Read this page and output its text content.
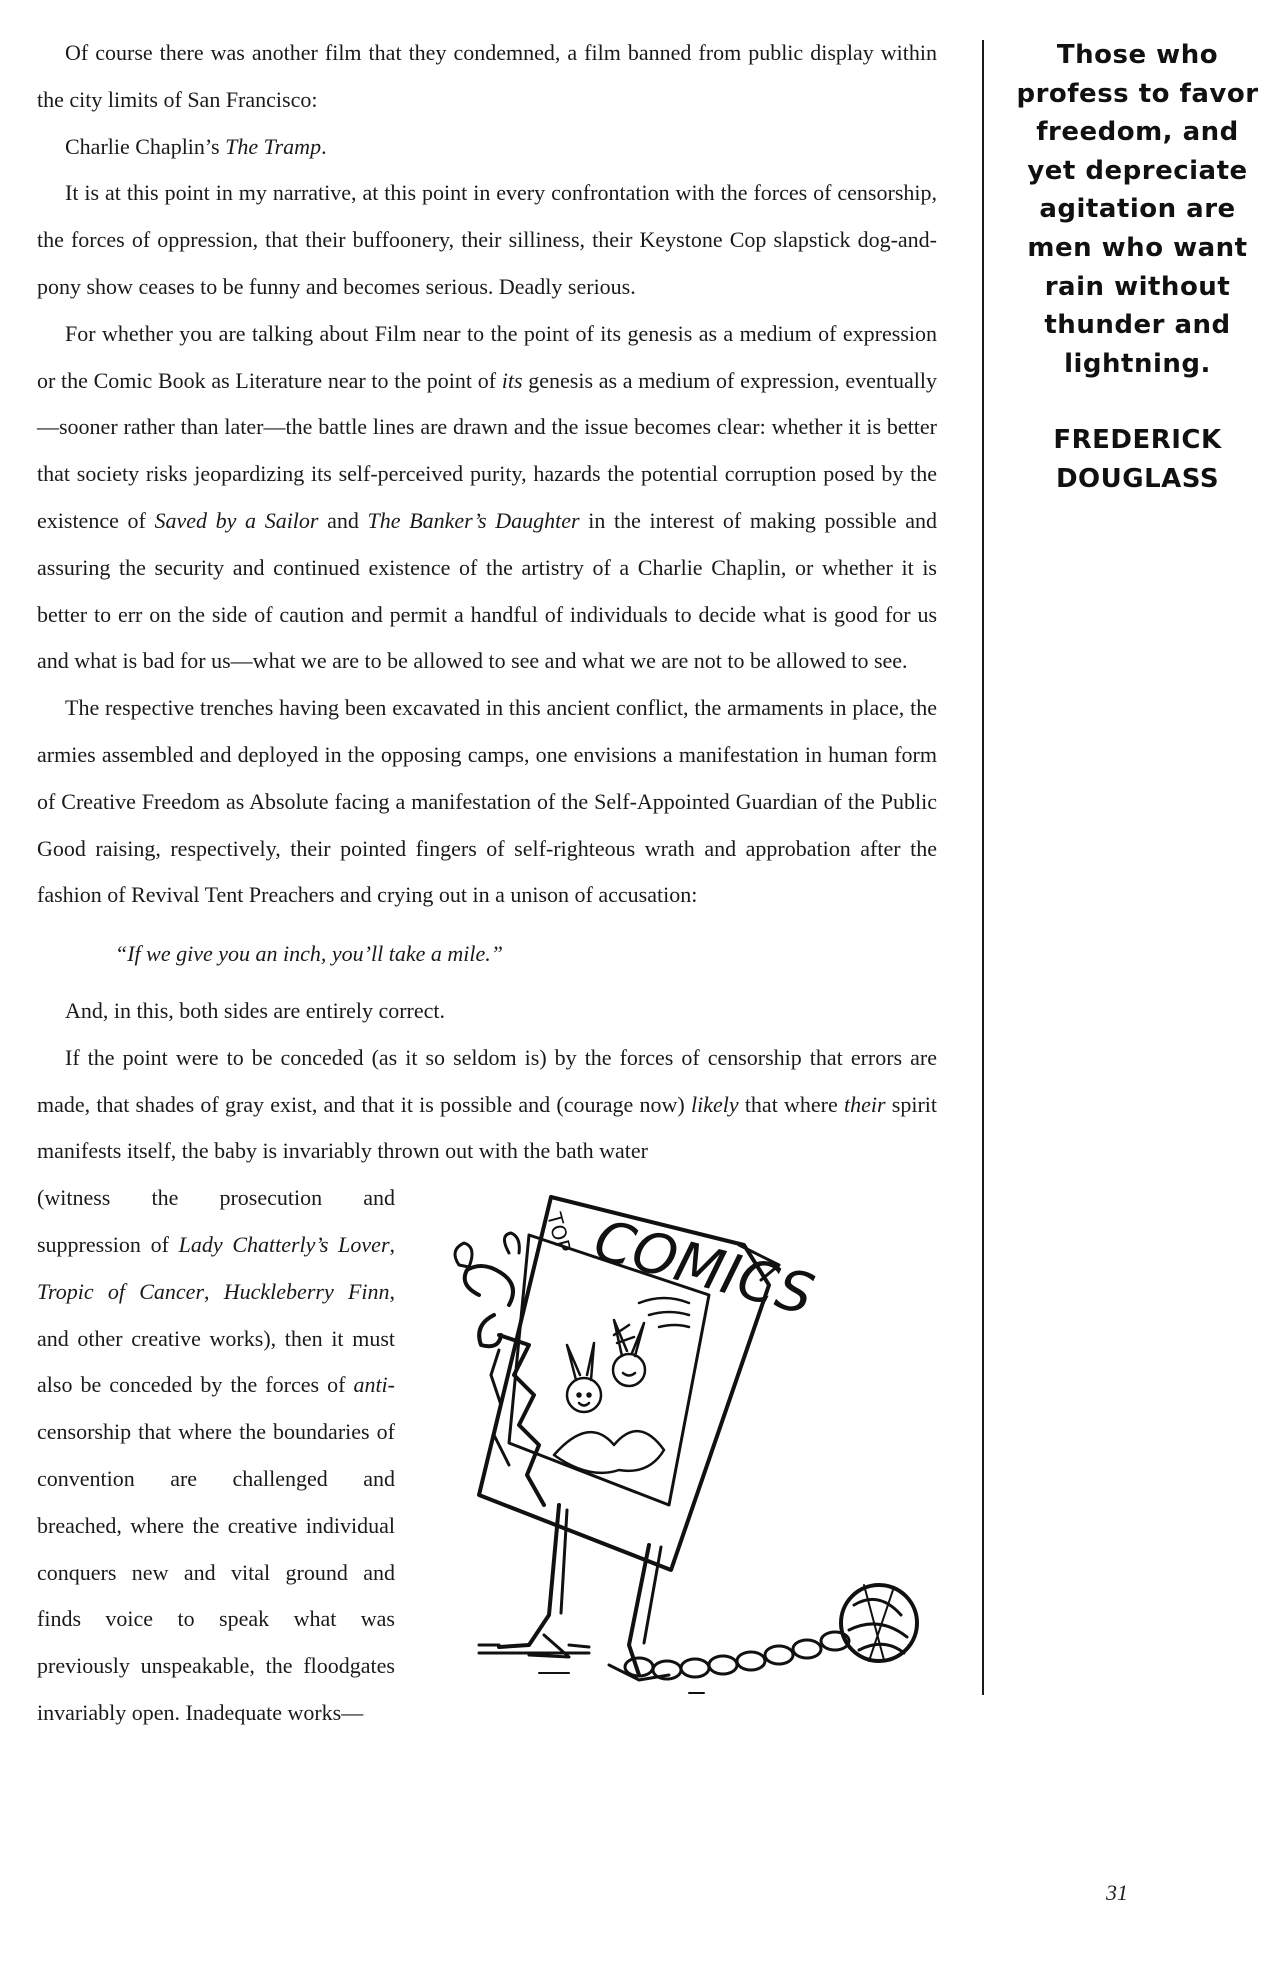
Of course there was another film that they condemned, a film banned from public display within the city limits of San Francisco:

Charlie Chaplin’s The Tramp.

It is at this point in my narrative, at this point in every confrontation with the forces of censorship, the forces of oppression, that their buffoonery, their silliness, their Keystone Cop slapstick dog-and-pony show ceases to be funny and becomes serious. Deadly serious.

For whether you are talking about Film near to the point of its genesis as a medium of expression or the Comic Book as Literature near to the point of its genesis as a medium of expression, eventually—sooner rather than later—the battle lines are drawn and the issue becomes clear: whether it is better that society risks jeopardizing its self-perceived purity, hazards the potential corruption posed by the existence of Saved by a Sailor and The Banker’s Daughter in the interest of making possible and assuring the security and continued existence of the artistry of a Charlie Chaplin, or whether it is better to err on the side of caution and permit a handful of individuals to decide what is good for us and what is bad for us—what we are to be allowed to see and what we are not to be allowed to see.

The respective trenches having been excavated in this ancient conflict, the armaments in place, the armies assembled and deployed in the opposing camps, one envisions a manifestation in human form of Creative Freedom as Absolute facing a manifestation of the Self-Appointed Guardian of the Public Good raising, respectively, their pointed fingers of self-righteous wrath and approbation after the fashion of Revival Tent Preachers and crying out in a unison of accusation:

“If we give you an inch, you’ll take a mile.”

And, in this, both sides are entirely correct.

If the point were to be conceded (as it so seldom is) by the forces of censorship that errors are made, that shades of gray exist, and that it is possible and (courage now) likely that where their spirit manifests itself, the baby is invariably thrown out with the bath water

(witness the prosecution and suppression of Lady Chatterly’s Lover, Tropic of Cancer, Huckleberry Finn, and other creative works), then it must also be conceded by the forces of anti-censorship that where the boundaries of convention are challenged and breached, where the creative individual conquers new and vital ground and finds voice to speak what was previously unspeakable, the floodgates invariably open. Inadequate works—
COMICS
TOP

Those who profess to favor freedom, and yet depreciate agitation are men who want rain without thunder and lightning.

FREDERICK
DOUGLASS
31
